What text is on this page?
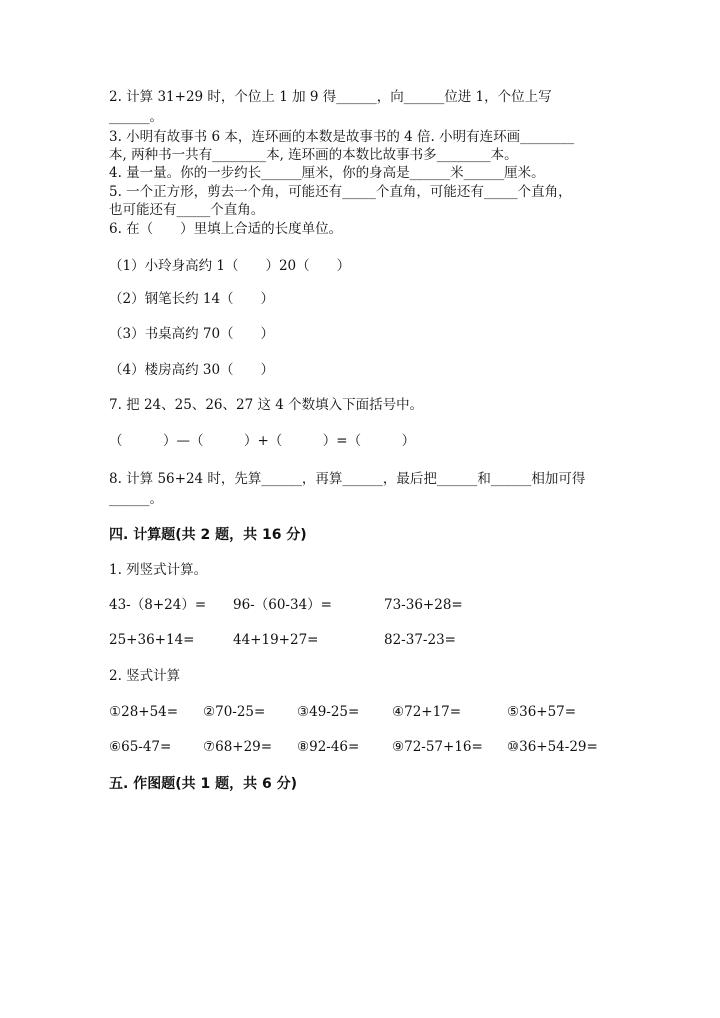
2. 计算 31+29 时，个位上 1 加 9 得______，向______位进 1，个位上写
______。
3. 小明有故事书 6 本，连环画的本数是故事书的 4 倍. 小明有连环画________
本, 两种书一共有________本, 连环画的本数比故事书多________本。
4. 量一量。你的一步约长______厘米，你的身高是______米______厘米。
5. 一个正方形，剪去一个角，可能还有_____个直角，可能还有_____个直角，
也可能还有_____个直角。
6. 在（　　）里填上合适的长度单位。
（1）小玲身高约 1（　　）20（　　）
（2）钢笔长约 14（　　）
（3）书桌高约 70（　　）
（4）楼房高约 30（　　）
7. 把 24、25、26、27 这 4 个数填入下面括号中。
（　　　）—（　　　）+（　　　）=（　　　）
8. 计算 56+24 时，先算______，再算______，最后把______和______相加可得
______。
四. 计算题(共 2 题，共 16 分)
1. 列竖式计算。
43-（8+24）= 96-（60-34）=	73-36+28=
25+36+14=	44+19+27=	82-37-23=
2. 竖式计算
①28+54= ②70-25= ③49-25= ④72+17=	⑤36+57=
⑥65-47= ⑦68+29= ⑧92-46= ⑨72-57+16= ⑩36+54-29=
五. 作图题(共 1 题，共 6 分)
